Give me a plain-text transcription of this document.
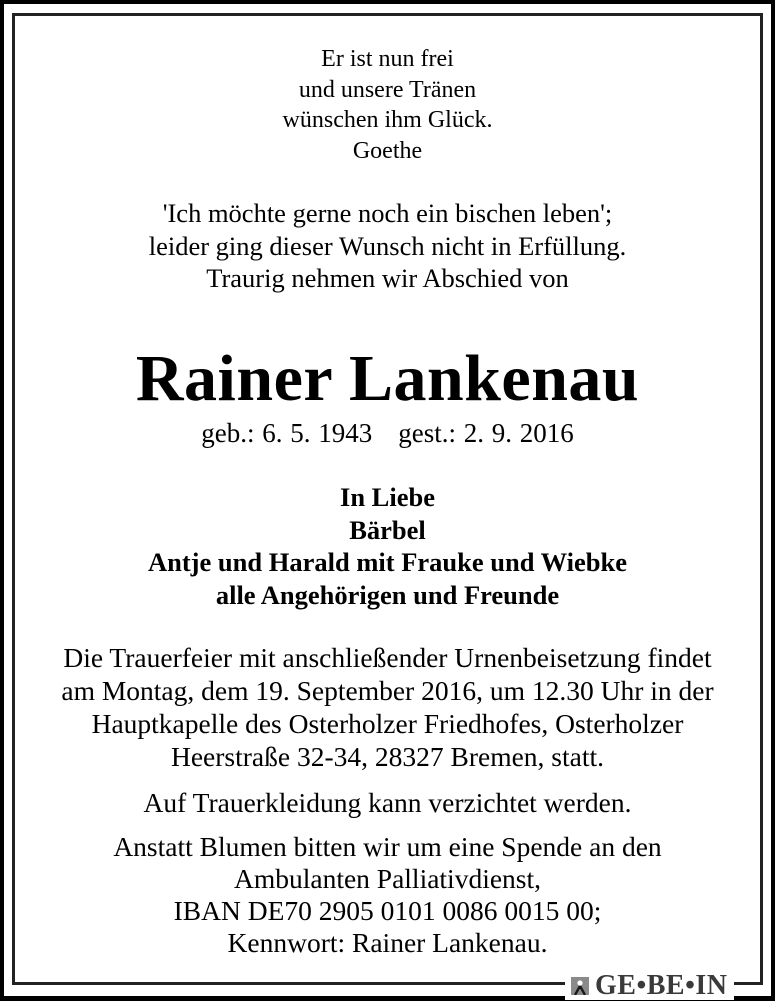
Er ist nun frei
und unsere Tränen
wünschen ihm Glück.
Goethe
'Ich möchte gerne noch ein bischen leben';
leider ging dieser Wunsch nicht in Erfüllung.
Traurig nehmen wir Abschied von
Rainer Lankenau
geb.: 6. 5. 1943 gest.: 2. 9. 2016
In Liebe
Bärbel
Antje und Harald mit Frauke und Wiebke
alle Angehörigen und Freunde
Die Trauerfeier mit anschließender Urnenbeisetzung findet
am Montag, dem 19. September 2016, um 12.30 Uhr in der
Hauptkapelle des Osterholzer Friedhofes, Osterholzer
Heerstraße 32-34, 28327 Bremen, statt.
Auf Trauerkleidung kann verzichtet werden.
Anstatt Blumen bitten wir um eine Spende an den
Ambulanten Palliativdienst,
IBAN DE70 2905 0101 0086 0015 00;
Kennwort: Rainer Lankenau.
GE•BE•IN
